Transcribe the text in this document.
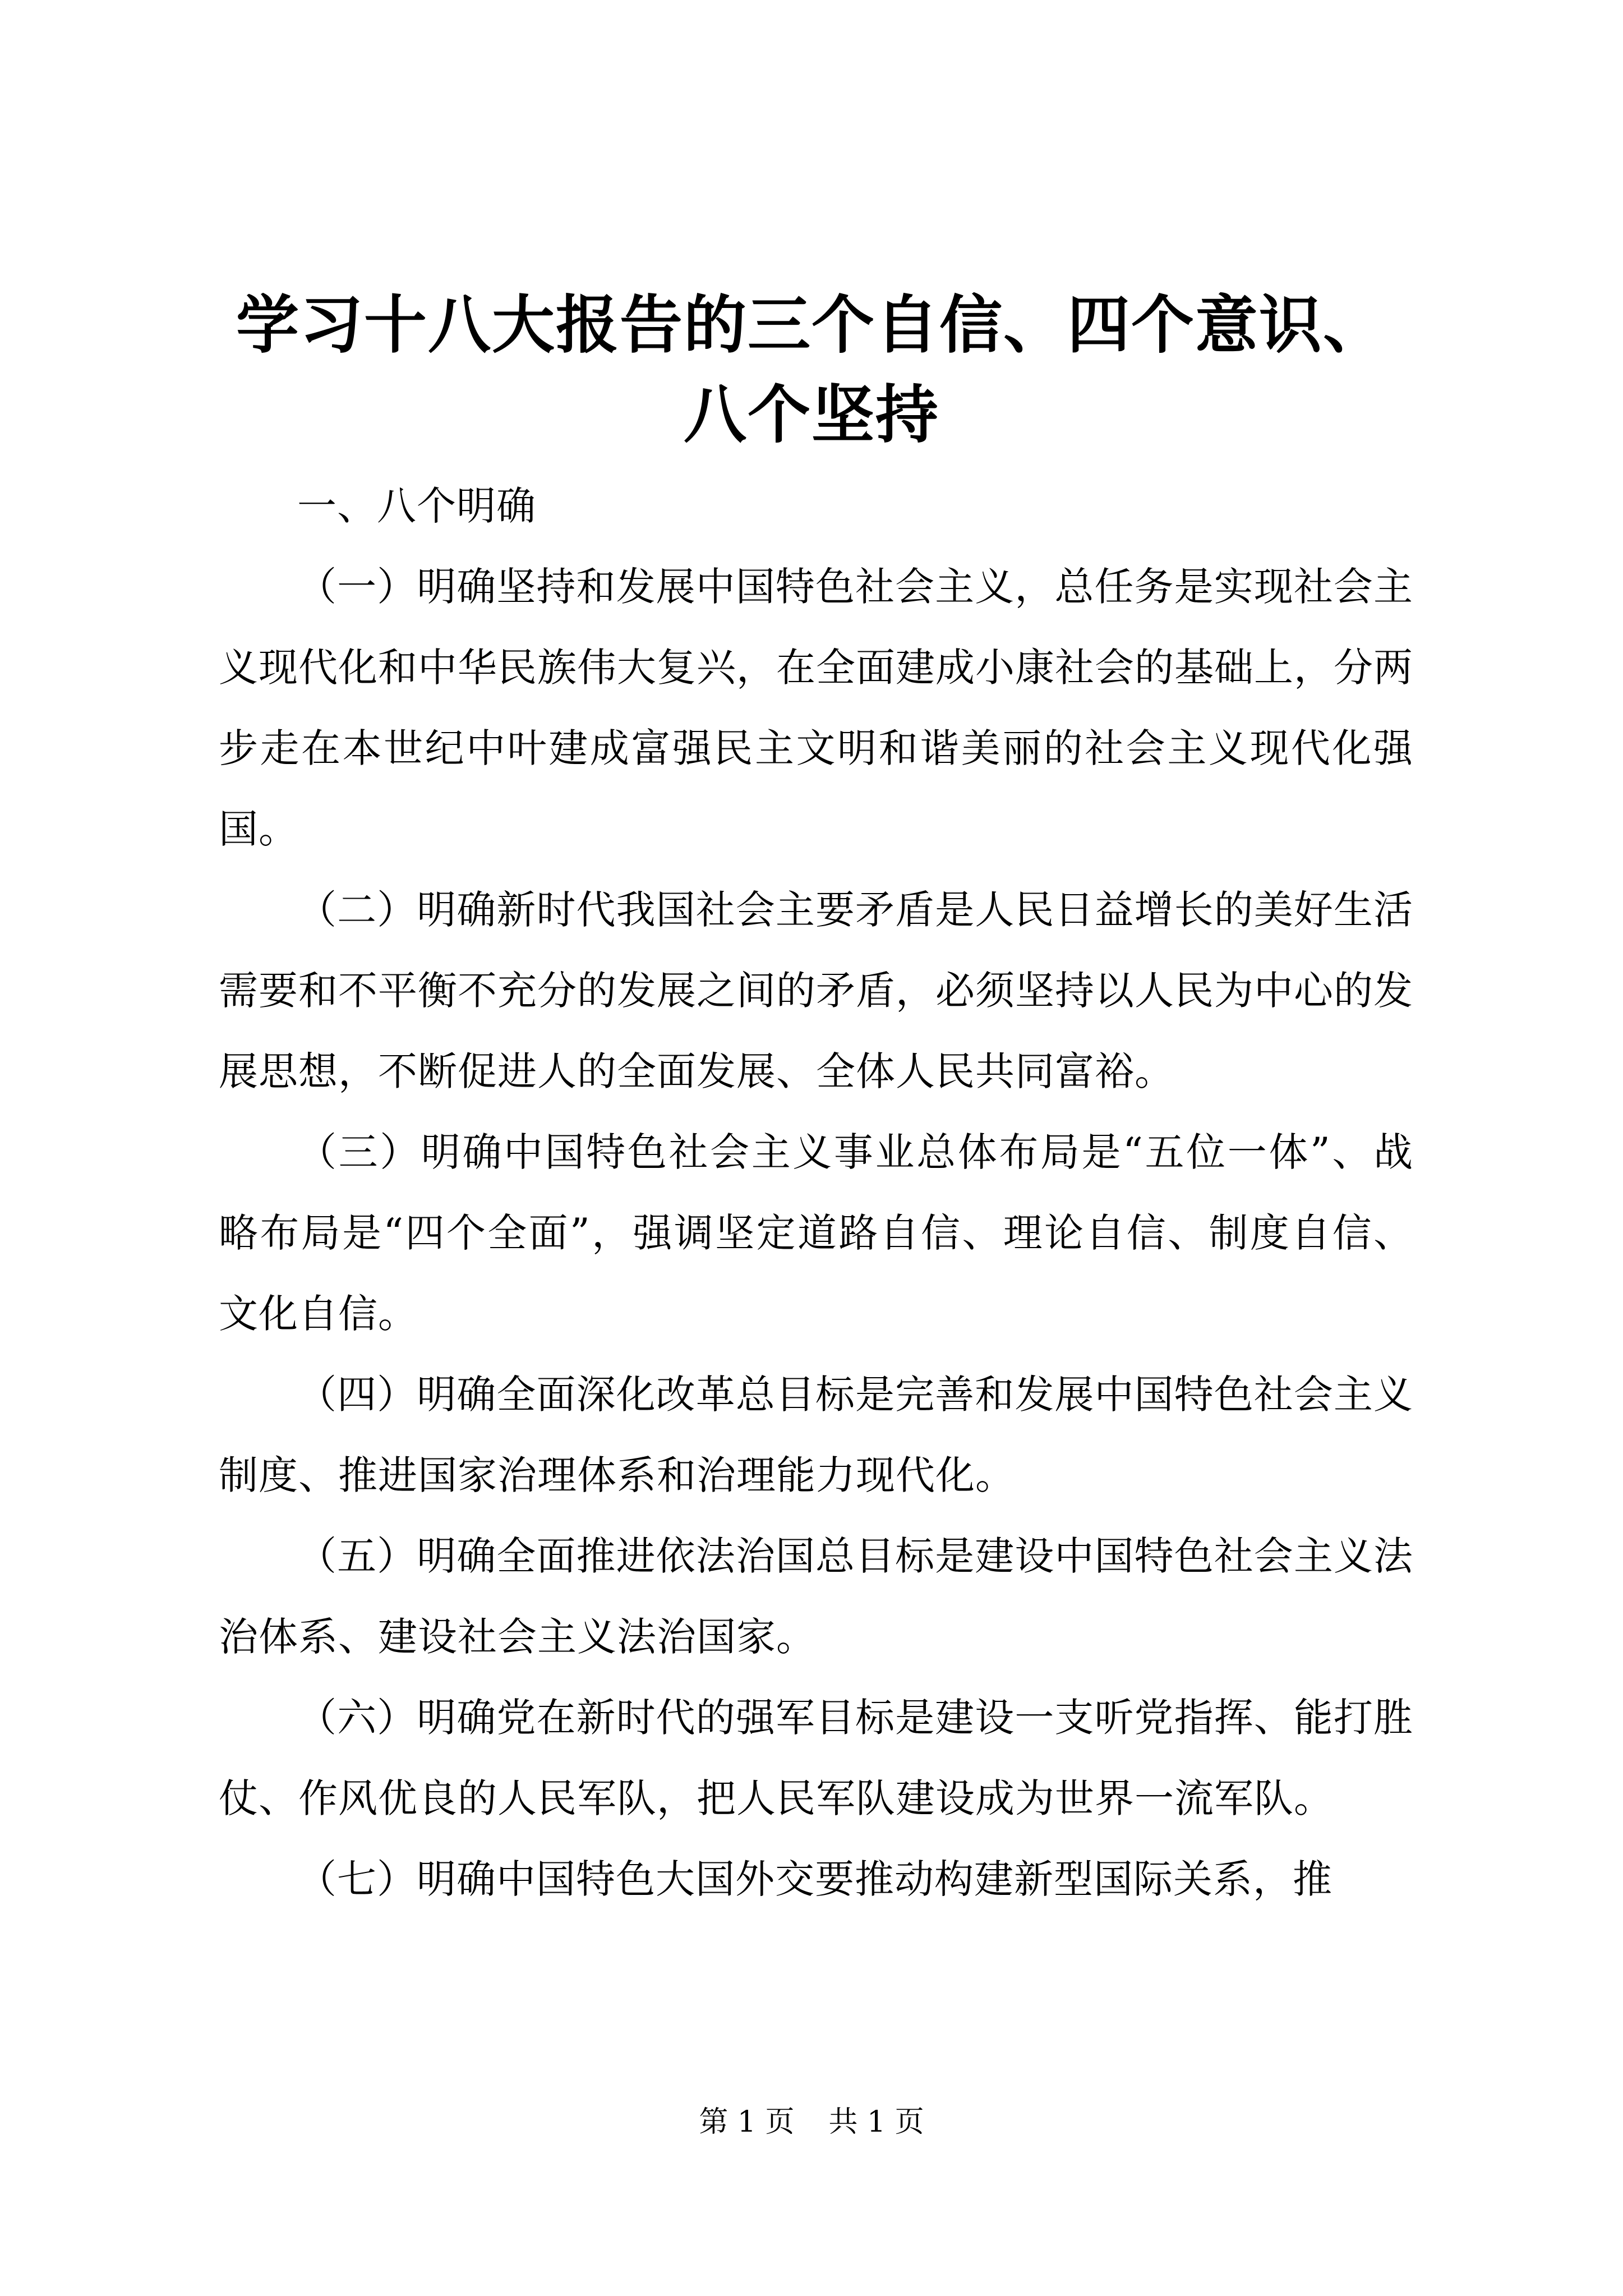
学习十八大报告的三个自信、四个意识、八个坚持

一、八个明确

（一）明确坚持和发展中国特色社会主义，总任务是实现社会主义现代化和中华民族伟大复兴，在全面建成小康社会的基础上，分两步走在本世纪中叶建成富强民主文明和谐美丽的社会主义现代化强国。

（二）明确新时代我国社会主要矛盾是人民日益增长的美好生活需要和不平衡不充分的发展之间的矛盾，必须坚持以人民为中心的发展思想，不断促进人的全面发展、全体人民共同富裕。

（三）明确中国特色社会主义事业总体布局是“五位一体”、战略布局是“四个全面”，强调坚定道路自信、理论自信、制度自信、文化自信。

（四）明确全面深化改革总目标是完善和发展中国特色社会主义制度、推进国家治理体系和治理能力现代化。

（五）明确全面推进依法治国总目标是建设中国特色社会主义法治体系、建设社会主义法治国家。

（六）明确党在新时代的强军目标是建设一支听党指挥、能打胜仗、作风优良的人民军队，把人民军队建设成为世界一流军队。

（七）明确中国特色大国外交要推动构建新型国际关系，推

第 1 页 共 1 页
